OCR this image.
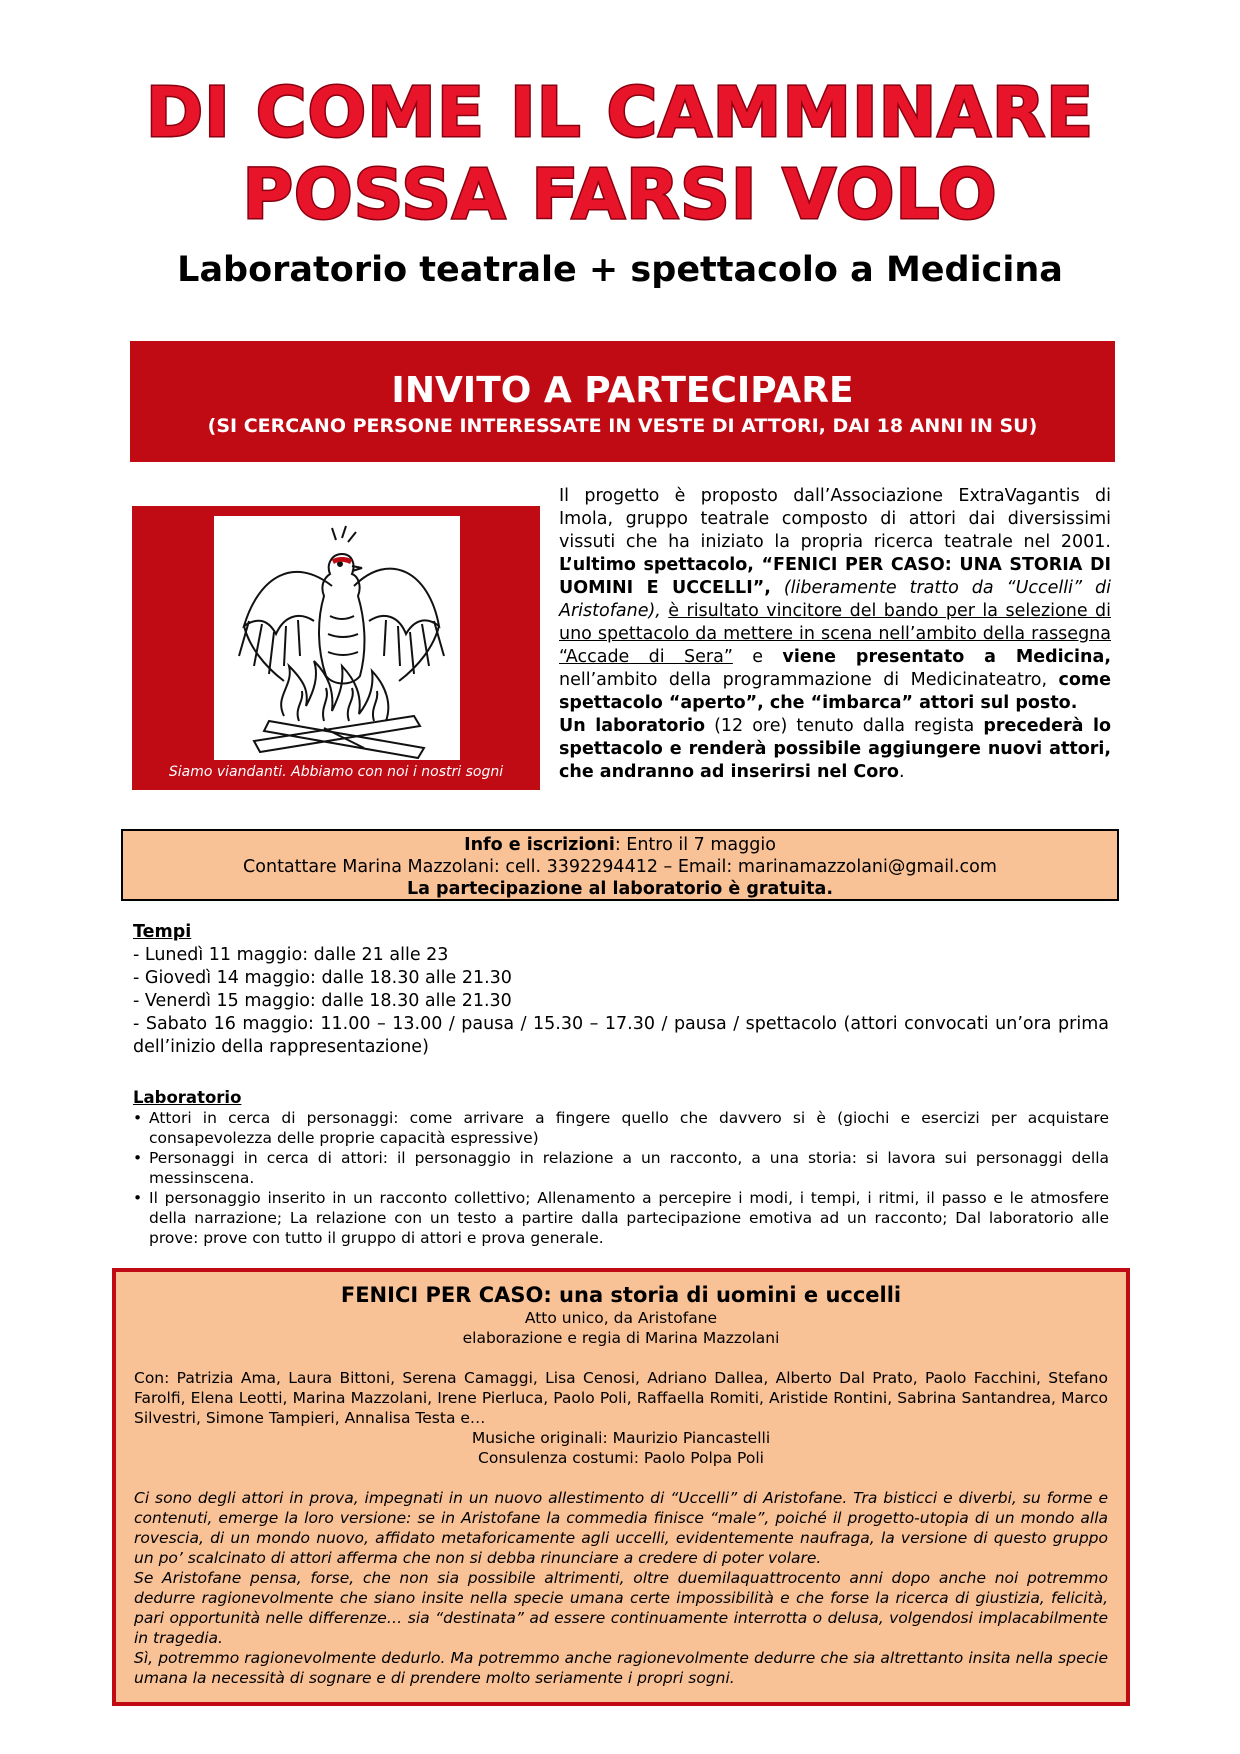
DI COME IL CAMMINARE
POSSA FARSI VOLO
Laboratorio teatrale + spettacolo a Medicina
INVITO A PARTECIPARE
(SI CERCANO PERSONE INTERESSATE IN VESTE DI ATTORI, DAI 18 ANNI IN SU)
Siamo viandanti. Abbiamo con noi i nostri sogni
Il progetto è proposto dall’Associazione ExtraVagantis di Imola, gruppo teatrale composto di attori dai diversissimi vissuti che ha iniziato la propria ricerca teatrale nel 2001. L’ultimo spettacolo, “FENICI PER CASO: UNA STORIA DI UOMINI E UCCELLI”, (liberamente tratto da “Uccelli” di Aristofane), è risultato vincitore del bando per la selezione di uno spettacolo da mettere in scena nell’ambito della rassegna “Accade di Sera” e viene presentato a Medicina, nell’ambito della programmazione di Medicinateatro, come spettacolo “aperto”, che “imbarca” attori sul posto.
Un laboratorio (12 ore) tenuto dalla regista precederà lo spettacolo e renderà possibile aggiungere nuovi attori, che andranno ad inserirsi nel Coro.
Info e iscrizioni: Entro il 7 maggio
Contattare Marina Mazzolani: cell. 3392294412 – Email: marinamazzolani@gmail.com
La partecipazione al laboratorio è gratuita.
Tempi
- Lunedì 11 maggio: dalle 21 alle 23
- Giovedì 14 maggio: dalle 18.30 alle 21.30
- Venerdì 15 maggio: dalle 18.30 alle 21.30
- Sabato 16 maggio: 11.00 – 13.00 / pausa / 15.30 – 17.30 / pausa / spettacolo (attori convocati un’ora prima dell’inizio della rappresentazione)
Laboratorio
• Attori in cerca di personaggi: come arrivare a fingere quello che davvero si è (giochi e esercizi per acquistare consapevolezza delle proprie capacità espressive)
• Personaggi in cerca di attori: il personaggio in relazione a un racconto, a una storia: si lavora sui personaggi della messinscena.
• Il personaggio inserito in un racconto collettivo; Allenamento a percepire i modi, i tempi, i ritmi, il passo e le atmosfere della narrazione; La relazione con un testo a partire dalla partecipazione emotiva ad un racconto; Dal laboratorio alle prove: prove con tutto il gruppo di attori e prova generale.
FENICI PER CASO: una storia di uomini e uccelli
Atto unico, da Aristofane
elaborazione e regia di Marina Mazzolani
Con: Patrizia Ama, Laura Bittoni, Serena Camaggi, Lisa Cenosi, Adriano Dallea, Alberto Dal Prato, Paolo Facchini, Stefano Farolfi, Elena Leotti, Marina Mazzolani, Irene Pierluca, Paolo Poli, Raffaella Romiti, Aristide Rontini, Sabrina Santandrea, Marco Silvestri, Simone Tampieri, Annalisa Testa e…
Musiche originali: Maurizio Piancastelli
Consulenza costumi: Paolo Polpa Poli
Ci sono degli attori in prova, impegnati in un nuovo allestimento di “Uccelli” di Aristofane. Tra bisticci e diverbi, su forme e contenuti, emerge la loro versione: se in Aristofane la commedia finisce “male”, poiché il progetto-utopia di un mondo alla rovescia, di un mondo nuovo, affidato metaforicamente agli uccelli, evidentemente naufraga, la versione di questo gruppo un po’ scalcinato di attori afferma che non si debba rinunciare a credere di poter volare.
Se Aristofane pensa, forse, che non sia possibile altrimenti, oltre duemilaquattrocento anni dopo anche noi potremmo dedurre ragionevolmente che siano insite nella specie umana certe impossibilità e che forse la ricerca di giustizia, felicità, pari opportunità nelle differenze… sia “destinata” ad essere continuamente interrotta o delusa, volgendosi implacabilmente in tragedia.
Sì, potremmo ragionevolmente dedurlo. Ma potremmo anche ragionevolmente dedurre che sia altrettanto insita nella specie umana la necessità di sognare e di prendere molto seriamente i propri sogni.
